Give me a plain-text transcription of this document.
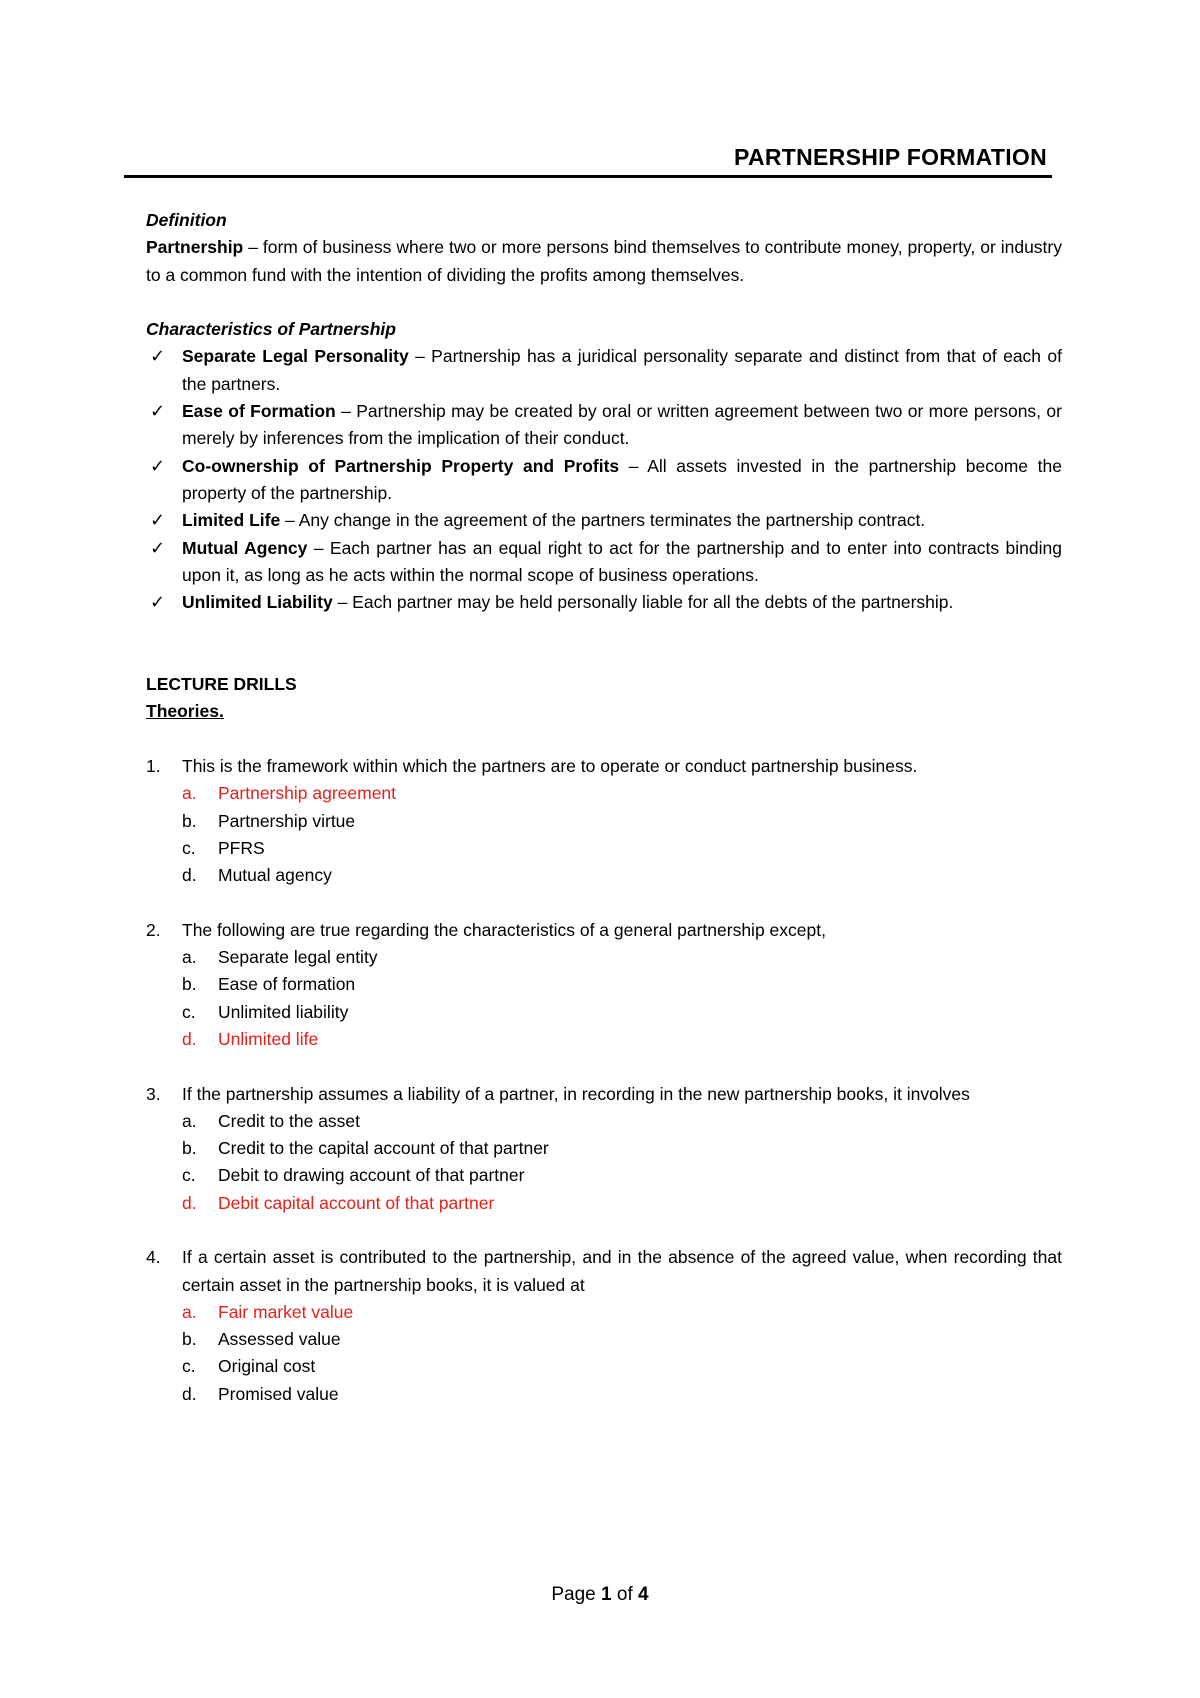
PARTNERSHIP FORMATION

Definition

Partnership – form of business where two or more persons bind themselves to contribute money, property, or industry to a common fund with the intention of dividing the profits among themselves.

Characteristics of Partnership

✓ Separate Legal Personality – Partnership has a juridical personality separate and distinct from that of each of the partners.
✓ Ease of Formation – Partnership may be created by oral or written agreement between two or more persons, or merely by inferences from the implication of their conduct.
✓ Co-ownership of Partnership Property and Profits – All assets invested in the partnership become the property of the partnership.
✓ Limited Life – Any change in the agreement of the partners terminates the partnership contract.
✓ Mutual Agency – Each partner has an equal right to act for the partnership and to enter into contracts binding upon it, as long as he acts within the normal scope of business operations.
✓ Unlimited Liability – Each partner may be held personally liable for all the debts of the partnership.

LECTURE DRILLS

Theories.

1. This is the framework within which the partners are to operate or conduct partnership business.

a. Partnership agreement
b. Partnership virtue
c. PFRS
d. Mutual agency
2. The following are true regarding the characteristics of a general partnership except,

a. Separate legal entity
b. Ease of formation
c. Unlimited liability
d. Unlimited life
3. If the partnership assumes a liability of a partner, in recording in the new partnership books, it involves

a. Credit to the asset
b. Credit to the capital account of that partner
c. Debit to drawing account of that partner
d. Debit capital account of that partner
4. If a certain asset is contributed to the partnership, and in the absence of the agreed value, when recording that certain asset in the partnership books, it is valued at

a. Fair market value
b. Assessed value
c. Original cost
d. Promised value
Page 1 of 4
